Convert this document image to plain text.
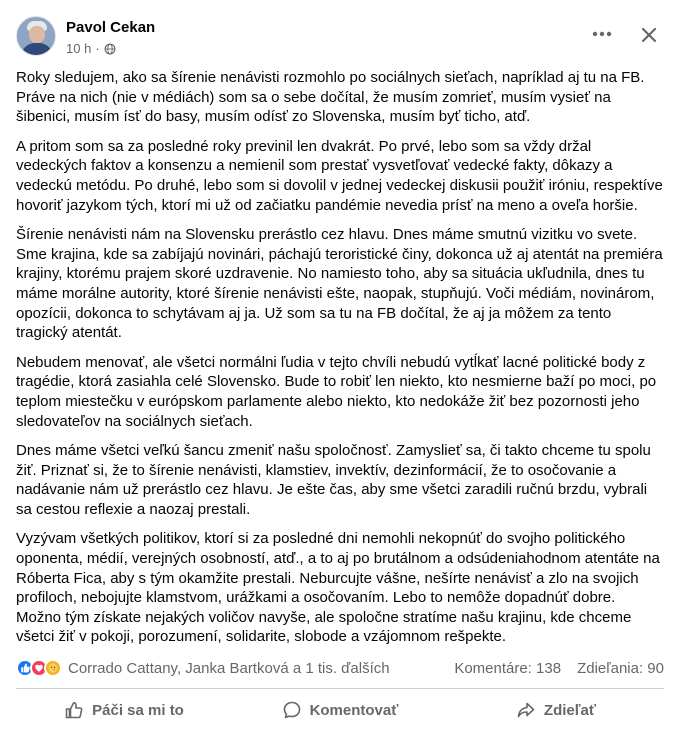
Pavol Cekan
10 h ·

Roky sledujem, ako sa šírenie nenávisti rozmohlo po sociálnych sieťach, napríklad aj tu na FB. Práve na nich (nie v médiách) som sa o sebe dočítal, že musím zomrieť, musím vysieť na šibenici, musím ísť do basy, musím odísť zo Slovenska, musím byť ticho, atď.

A pritom som sa za posledné roky previnil len dvakrát. Po prvé, lebo som sa vždy držal vedeckých faktov a konsenzu a nemienil som prestať vysvetľovať vedecké fakty, dôkazy a vedeckú metódu. Po druhé, lebo som si dovolil v jednej vedeckej diskusii použiť iróniu, respektíve hovoriť jazykom tých, ktorí mi už od začiatku pandémie nevedia prísť na meno a oveľa horšie.

Šírenie nenávisti nám na Slovensku prerástlo cez hlavu. Dnes máme smutnú vizitku vo svete. Sme krajina, kde sa zabíjajú novinári, páchajú teroristické činy, dokonca už aj atentát na premiéra krajiny, ktorému prajem skoré uzdravenie. No namiesto toho, aby sa situácia ukľudnila, dnes tu máme morálne autority, ktoré šírenie nenávisti ešte, naopak, stupňujú. Voči médiám, novinárom, opozícii, dokonca to schytávam aj ja. Už som sa tu na FB dočítal, že aj ja môžem za tento tragický atentát.

Nebudem menovať, ale všetci normálni ľudia v tejto chvíli nebudú vytĺkať lacné politické body z tragédie, ktorá zasiahla celé Slovensko. Bude to robiť len niekto, kto nesmierne baží po moci, po teplom miestečku v európskom parlamente alebo niekto, kto nedokáže žiť bez pozornosti jeho sledovateľov na sociálnych sieťach.

Dnes máme všetci veľkú šancu zmeniť našu spoločnosť. Zamyslieť sa, či takto chceme tu spolu žiť. Priznať si, že to šírenie nenávisti, klamstiev, invektív, dezinformácií, že to osočovanie a nadávanie nám už prerástlo cez hlavu. Je ešte čas, aby sme všetci zaradili ručnú brzdu, vybrali sa cestou reflexie a naozaj prestali.

Vyzývam všetkých politikov, ktorí si za posledné dni nemohli nekopnúť do svojho politického oponenta, médií, verejných osobností, atď., a to aj po brutálnom a odsúdeniahodnom atentáte na Róberta Fica, aby s tým okamžite prestali. Neburcujte vášne, nešírte nenávisť a zlo na svojich profiloch, nebojujte klamstvom, urážkami a osočovaním. Lebo to nemôže dopadnúť dobre. Možno tým získate nejakých voličov navyše, ale spoločne stratíme našu krajinu, kde chceme všetci žiť v pokoji, porozumení, solidarite, slobode a vzájomnom rešpekte.

Corrado Cattany, Janka Bartková a 1 tis. ďalších	Komentáre: 138 Zdieľania: 90
Páči sa mi to	Komentovať	Zdieľať
